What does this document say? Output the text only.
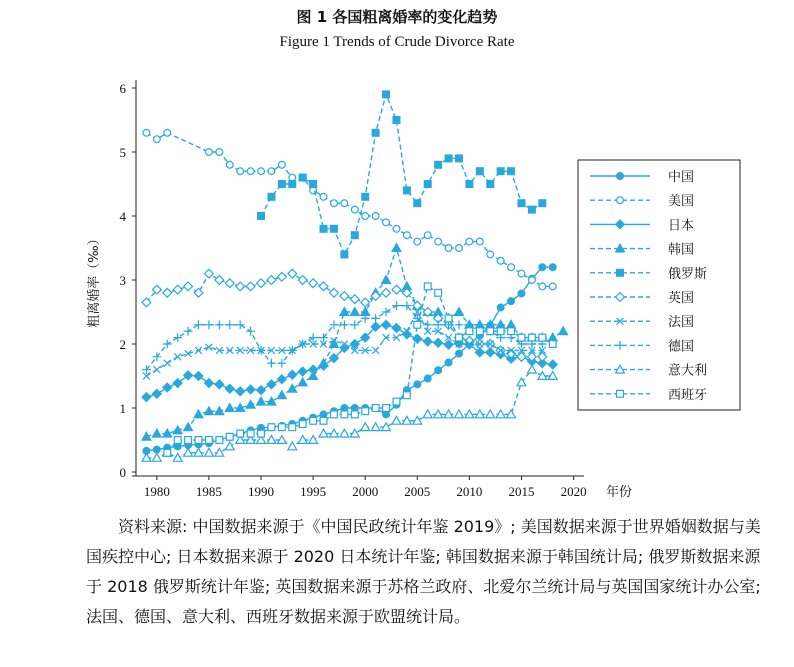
图 1 各国粗离婚率的变化趋势
Figure 1 Trends of Crude Divorce Rate
0
1
2
3
4
5
6
1980 1985 1990 1995 2000 2005 2010 2015 2020
粗离婚率（‰）
年份
中国
美国
日本
韩国
俄罗斯
英国
法国
德国
意大利
西班牙
资料来源: 中国数据来源于《中国民政统计年鉴 2019》; 美国数据来源于世界婚姻数据与美国疾控中心; 日本数据来源于 2020 日本统计年鉴; 韩国数据来源于韩国统计局; 俄罗斯数据来源于 2018 俄罗斯统计年鉴; 英国数据来源于苏格兰政府、北爱尔兰统计局与英国国家统计办公室; 法国、德国、意大利、西班牙数据来源于欧盟统计局。
